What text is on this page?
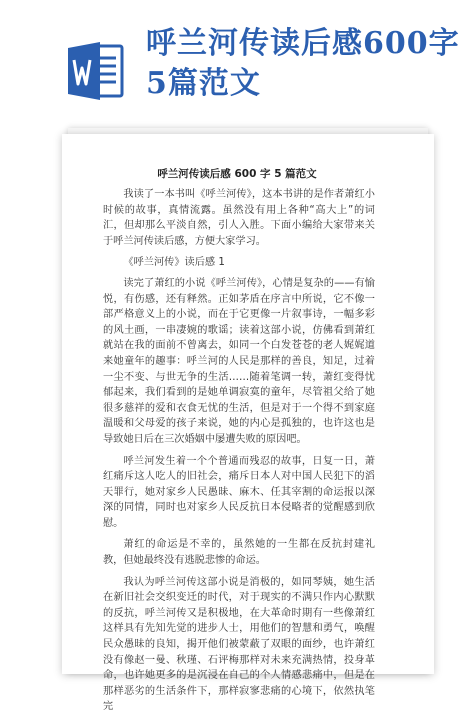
呼兰河传读后感600字5篇范文
呼兰河传读后感 600 字 5 篇范文

我读了一本书叫《呼兰河传》，这本书讲的是作者萧红小时候的故事，真情流露。虽然没有用上各种“高大上”的词汇，但却那么平淡自然，引人入胜。下面小编给大家带来关于呼兰河传读后感，方便大家学习。

《呼兰河传》读后感 1

读完了萧红的小说《呼兰河传》，心情是复杂的——有愉悦，有伤感，还有释然。正如茅盾在序言中所说，它不像一部严格意义上的小说，而在于它更像一片叙事诗，一幅多彩的风土画，一串凄婉的歌谣；读着这部小说，仿佛看到萧红就站在我的面前不曾离去，如同一个白发苍苍的老人娓娓道来她童年的趣事：呼兰河的人民是那样的善良，知足，过着一尘不变、与世无争的生活……随着笔调一转，萧红变得忧郁起来，我们看到的是她单调寂寞的童年，尽管祖父给了她很多慈祥的爱和衣食无忧的生活，但是对于一个得不到家庭温暖和父母爱的孩子来说，她的内心是孤独的，也许这也是导致她日后在三次婚姻中屡遭失败的原因吧。

呼兰河发生着一个个普通而残忍的故事，日复一日，萧红痛斥这人吃人的旧社会，痛斥日本人对中国人民犯下的滔天罪行，她对家乡人民愚昧、麻木、任其宰割的命运报以深深的同情，同时也对家乡人民反抗日本侵略者的觉醒感到欣慰。

萧红的命运是不幸的，虽然她的一生都在反抗封建礼教，但她最终没有逃脱悲惨的命运。

我认为呼兰河传这部小说是消极的，如同琴姨，她生活在新旧社会交织变迁的时代，对于现实的不满只作内心默默的反抗，呼兰河传又是积极地，在大革命时期有一些像萧红这样具有先知先觉的进步人士，用他们的智慧和勇气，唤醒民众愚昧的良知，揭开他们被蒙蔽了双眼的面纱，也许萧红没有像赵一曼、秋瑾、石评梅那样对未来充满热情，投身革命，也许她更多的是沉浸在自己的个人情感悲痛中，但是在那样恶劣的生活条件下，那样寂寥悲痛的心境下，依然执笔完
